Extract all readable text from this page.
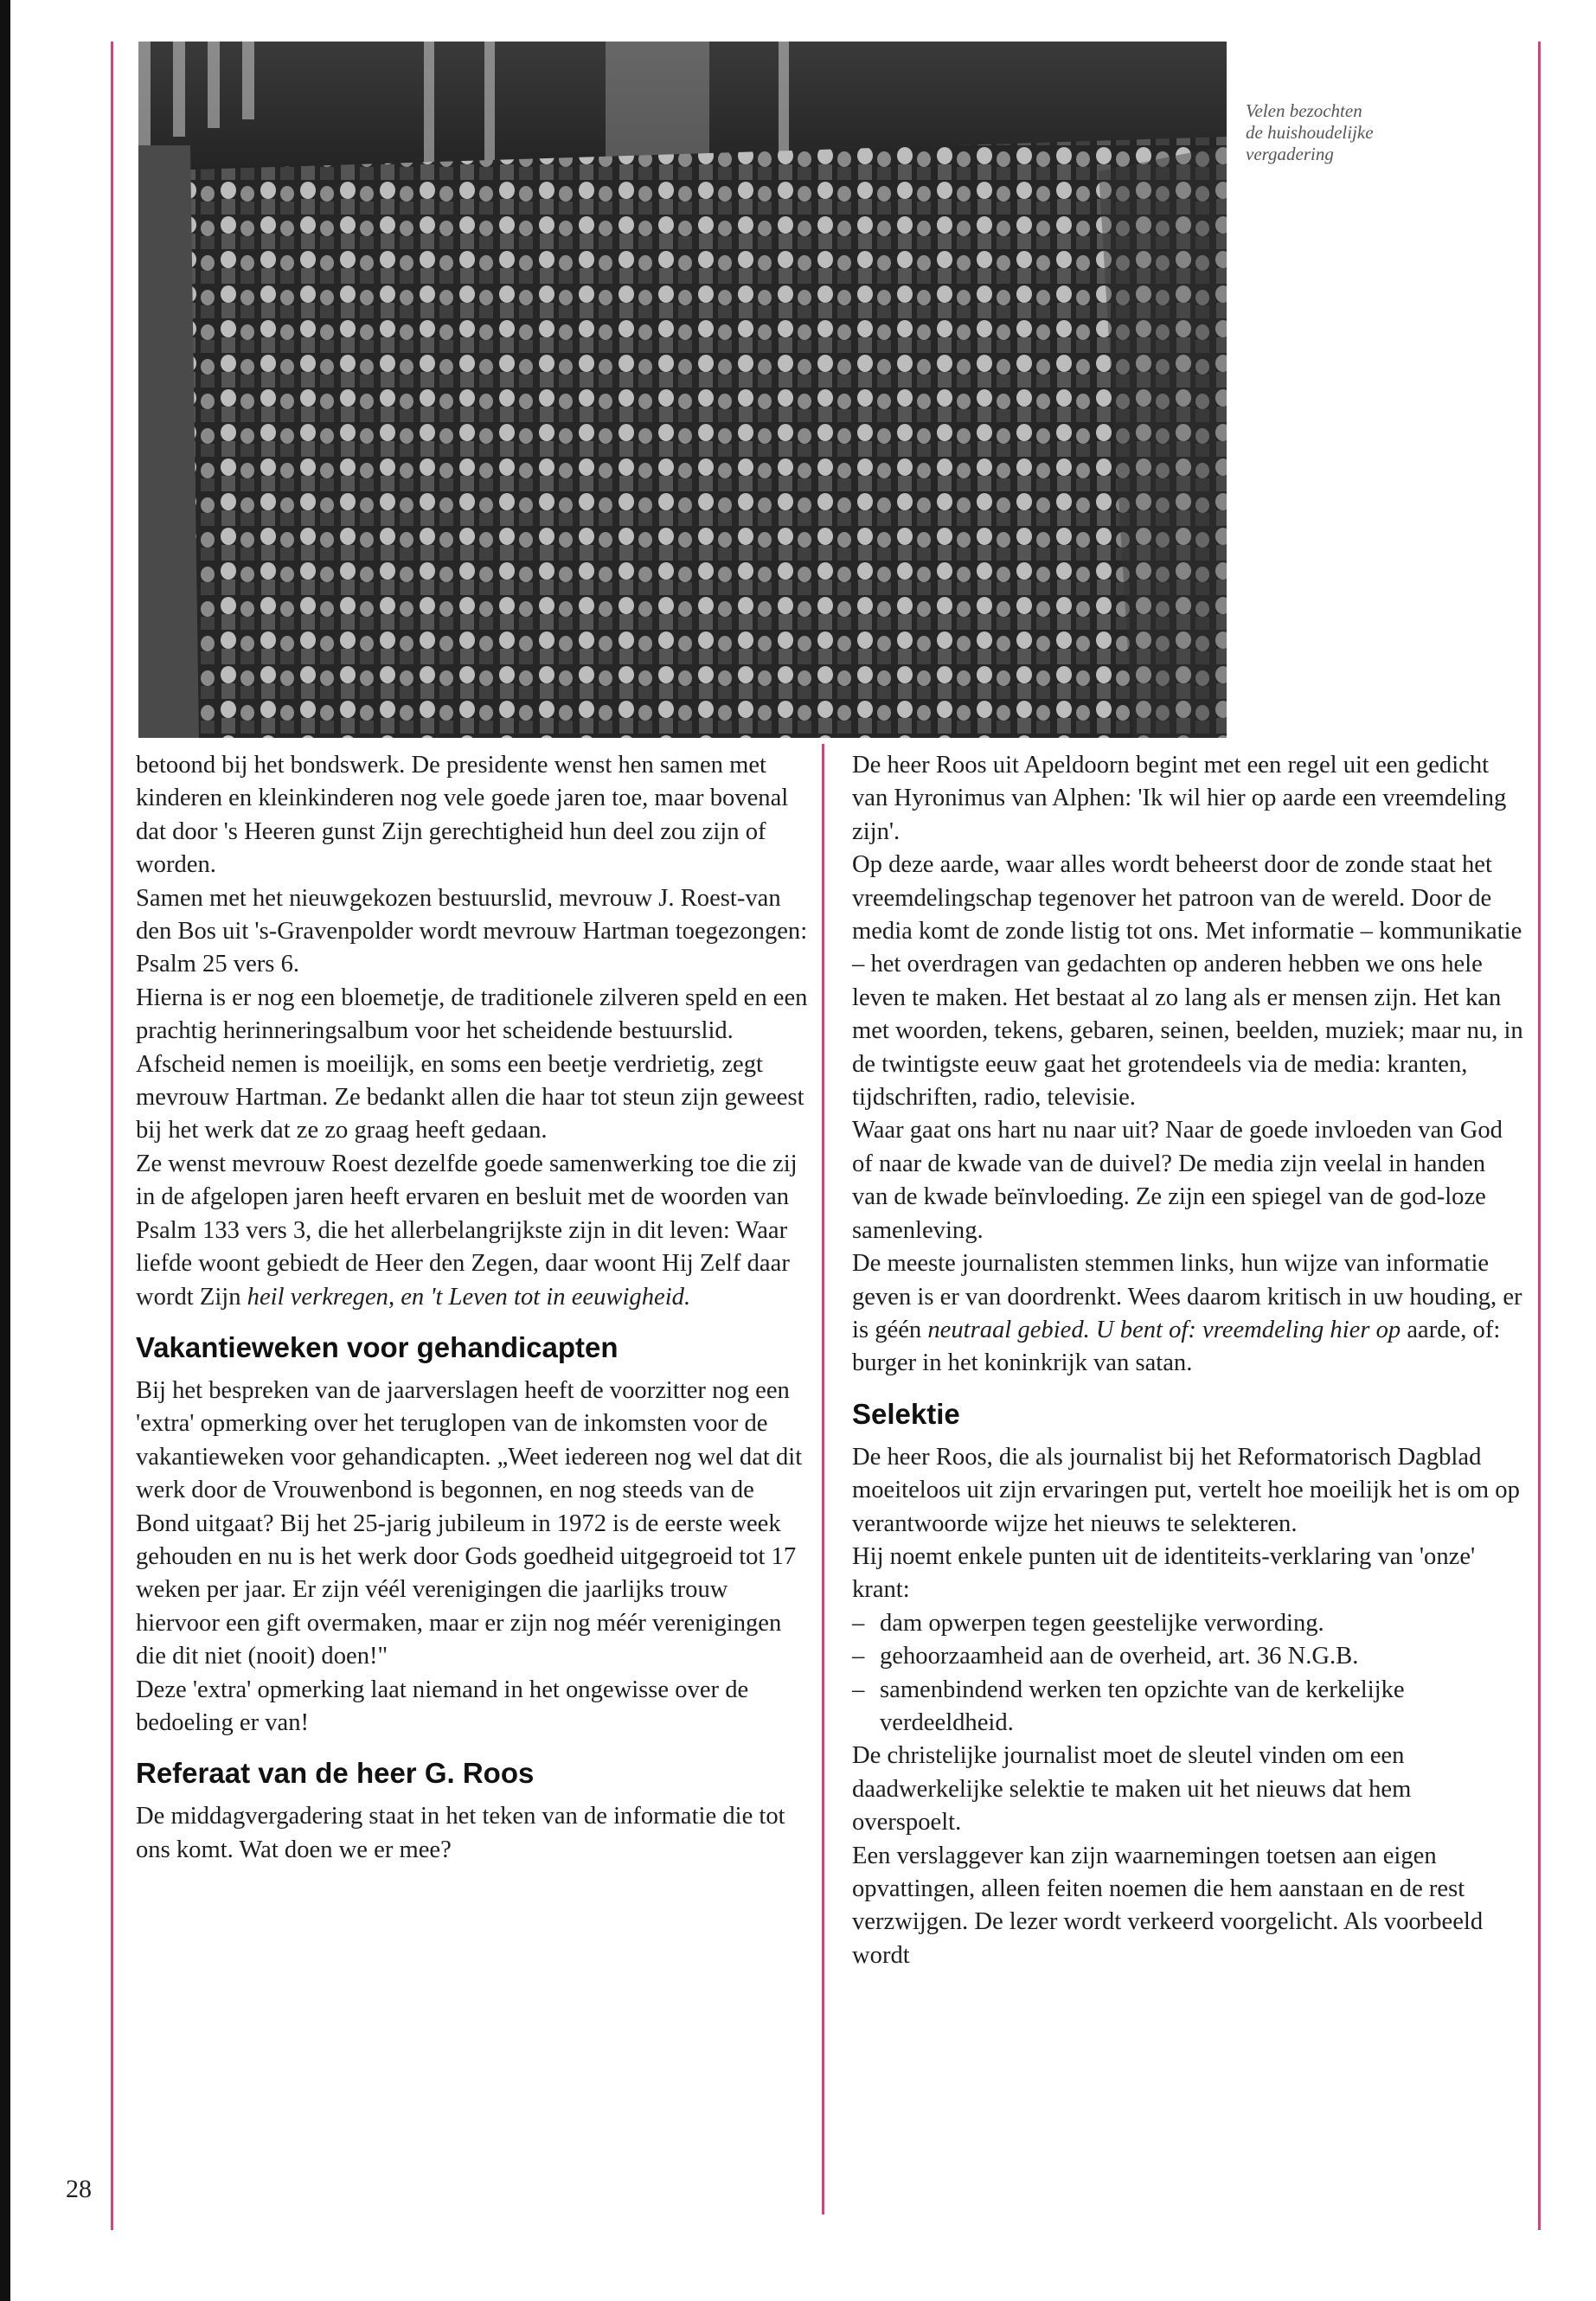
Velen bezochten

de huishoudelijke

vergadering

betoond bij het bondswerk. De presidente wenst hen samen met kinderen en kleinkinderen nog vele goede jaren toe, maar bovenal dat door 's Heeren gunst Zijn gerechtigheid hun deel zou zijn of worden.

Samen met het nieuwgekozen bestuurslid, mevrouw J. Roest-van den Bos uit 's-Gravenpolder wordt mevrouw Hartman toegezongen: Psalm 25 vers 6.

Hierna is er nog een bloemetje, de traditionele zilveren speld en een prachtig herinneringsalbum voor het scheidende bestuurslid.

Afscheid nemen is moeilijk, en soms een beetje verdrietig, zegt mevrouw Hartman. Ze bedankt allen die haar tot steun zijn geweest bij het werk dat ze zo graag heeft gedaan.

Ze wenst mevrouw Roest dezelfde goede samenwerking toe die zij in de afgelopen jaren heeft ervaren en besluit met de woorden van Psalm 133 vers 3, die het allerbelangrijkste zijn in dit leven: Waar liefde woont gebiedt de Heer den Zegen, daar woont Hij Zelf daar wordt Zijn heil verkregen, en 't Leven tot in eeuwigheid.

Vakantieweken voor gehandicapten

Bij het bespreken van de jaarverslagen heeft de voorzitter nog een 'extra' opmerking over het teruglopen van de inkomsten voor de vakantieweken voor gehandicapten. „Weet iedereen nog wel dat dit werk door de Vrouwenbond is begonnen, en nog steeds van de Bond uitgaat? Bij het 25-jarig jubileum in 1972 is de eerste week gehouden en nu is het werk door Gods goedheid uitgegroeid tot 17 weken per jaar. Er zijn véél verenigingen die jaarlijks trouw hiervoor een gift overmaken, maar er zijn nog méér verenigingen die dit niet (nooit) doen!"

Deze 'extra' opmerking laat niemand in het ongewisse over de bedoeling er van!

Referaat van de heer G. Roos

De middagvergadering staat in het teken van de informatie die tot ons komt. Wat doen we er mee?

De heer Roos uit Apeldoorn begint met een regel uit een gedicht van Hyronimus van Alphen: 'Ik wil hier op aarde een vreemdeling zijn'.

Op deze aarde, waar alles wordt beheerst door de zonde staat het vreemdelingschap tegenover het patroon van de wereld. Door de media komt de zonde listig tot ons. Met informatie – kommunikatie – het overdragen van gedachten op anderen hebben we ons hele leven te maken. Het bestaat al zo lang als er mensen zijn. Het kan met woorden, tekens, gebaren, seinen, beelden, muziek; maar nu, in de twintigste eeuw gaat het grotendeels via de media: kranten, tijdschriften, radio, televisie.

Waar gaat ons hart nu naar uit? Naar de goede invloeden van God of naar de kwade van de duivel? De media zijn veelal in handen van de kwade beïnvloeding. Ze zijn een spiegel van de god-loze samenleving.

De meeste journalisten stemmen links, hun wijze van informatie geven is er van doordrenkt. Wees daarom kritisch in uw houding, er is géén neutraal gebied. U bent of: vreemdeling hier op aarde, of: burger in het koninkrijk van satan.

Selektie

De heer Roos, die als journalist bij het Reformatorisch Dagblad moeiteloos uit zijn ervaringen put, vertelt hoe moeilijk het is om op verantwoorde wijze het nieuws te selekteren.

Hij noemt enkele punten uit de identiteits-verklaring van 'onze' krant:

– dam opwerpen tegen geestelijke verwording.
– gehoorzaamheid aan de overheid, art. 36 N.G.B.
– samenbindend werken ten opzichte van de kerkelijke verdeeldheid.

De christelijke journalist moet de sleutel vinden om een daadwerkelijke selektie te maken uit het nieuws dat hem overspoelt.

Een verslaggever kan zijn waarnemingen toetsen aan eigen opvattingen, alleen feiten noemen die hem aanstaan en de rest verzwijgen. De lezer wordt verkeerd voorgelicht. Als voorbeeld wordt

28
